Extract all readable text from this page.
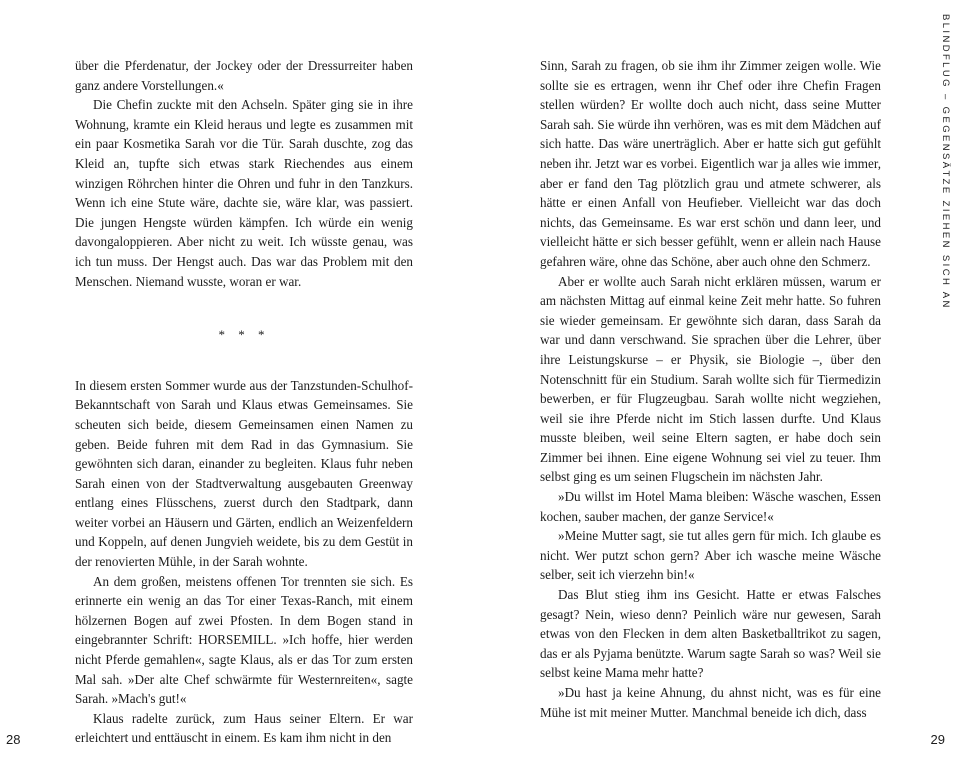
über die Pferdenatur, der Jockey oder der Dressurreiter haben ganz andere Vorstellungen.«

Die Chefin zuckte mit den Achseln. Später ging sie in ihre Wohnung, kramte ein Kleid heraus und legte es zusammen mit ein paar Kosmetika Sarah vor die Tür. Sarah duschte, zog das Kleid an, tupfte sich etwas stark Riechendes aus einem winzigen Röhrchen hinter die Ohren und fuhr in den Tanzkurs. Wenn ich eine Stute wäre, dachte sie, wäre klar, was passiert. Die jungen Hengste würden kämpfen. Ich würde ein wenig davongaloppieren. Aber nicht zu weit. Ich wüsste genau, was ich tun muss. Der Hengst auch. Das war das Problem mit den Menschen. Niemand wusste, woran er war.

* * *

In diesem ersten Sommer wurde aus der Tanzstunden-Schulhof-Bekanntschaft von Sarah und Klaus etwas Gemeinsames. Sie scheuten sich beide, diesem Gemeinsamen einen Namen zu geben. Beide fuhren mit dem Rad in das Gymnasium. Sie gewöhnten sich daran, einander zu begleiten. Klaus fuhr neben Sarah einen von der Stadtverwaltung ausgebauten Greenway entlang eines Flüsschens, zuerst durch den Stadtpark, dann weiter vorbei an Häusern und Gärten, endlich an Weizenfeldern und Koppeln, auf denen Jungvieh weidete, bis zu dem Gestüt in der renovierten Mühle, in der Sarah wohnte.

An dem großen, meistens offenen Tor trennten sie sich. Es erinnerte ein wenig an das Tor einer Texas-Ranch, mit einem hölzernen Bogen auf zwei Pfosten. In dem Bogen stand in eingebrannter Schrift: HORSEMILL. »Ich hoffe, hier werden nicht Pferde gemahlen«, sagte Klaus, als er das Tor zum ersten Mal sah. »Der alte Chef schwärmte für Westernreiten«, sagte Sarah. »Mach's gut!«

Klaus radelte zurück, zum Haus seiner Eltern. Er war erleichtert und enttäuscht in einem. Es kam ihm nicht in den

28

Sinn, Sarah zu fragen, ob sie ihm ihr Zimmer zeigen wolle. Wie sollte sie es ertragen, wenn ihr Chef oder ihre Chefin Fragen stellen würden? Er wollte doch auch nicht, dass seine Mutter Sarah sah. Sie würde ihn verhören, was es mit dem Mädchen auf sich hatte. Das wäre unerträglich. Aber er hatte sich gut gefühlt neben ihr. Jetzt war es vorbei. Eigentlich war ja alles wie immer, aber er fand den Tag plötzlich grau und atmete schwerer, als hätte er einen Anfall von Heufieber. Vielleicht war das doch nichts, das Gemeinsame. Es war erst schön und dann leer, und vielleicht hätte er sich besser gefühlt, wenn er allein nach Hause gefahren wäre, ohne das Schöne, aber auch ohne den Schmerz.

Aber er wollte auch Sarah nicht erklären müssen, warum er am nächsten Mittag auf einmal keine Zeit mehr hatte. So fuhren sie wieder gemeinsam. Er gewöhnte sich daran, dass Sarah da war und dann verschwand. Sie sprachen über die Lehrer, über ihre Leistungskurse – er Physik, sie Biologie –, über den Notenschnitt für ein Studium. Sarah wollte sich für Tiermedizin bewerben, er für Flugzeugbau. Sarah wollte nicht wegziehen, weil sie ihre Pferde nicht im Stich lassen durfte. Und Klaus musste bleiben, weil seine Eltern sagten, er habe doch sein Zimmer bei ihnen. Eine eigene Wohnung sei viel zu teuer. Ihm selbst ging es um seinen Flugschein im nächsten Jahr.

»Du willst im Hotel Mama bleiben: Wäsche waschen, Essen kochen, sauber machen, der ganze Service!«

»Meine Mutter sagt, sie tut alles gern für mich. Ich glaube es nicht. Wer putzt schon gern? Aber ich wasche meine Wäsche selber, seit ich vierzehn bin!«

Das Blut stieg ihm ins Gesicht. Hatte er etwas Falsches gesagt? Nein, wieso denn? Peinlich wäre nur gewesen, Sarah etwas von den Flecken in dem alten Basketballtrikot zu sagen, das er als Pyjama benützte. Warum sagte Sarah so was? Weil sie selbst keine Mama mehr hatte?

»Du hast ja keine Ahnung, du ahnst nicht, was es für eine Mühe ist mit meiner Mutter. Manchmal beneide ich dich, dass

29
BLINDFLUG – GEGENSÄTZE ZIEHEN SICH AN
